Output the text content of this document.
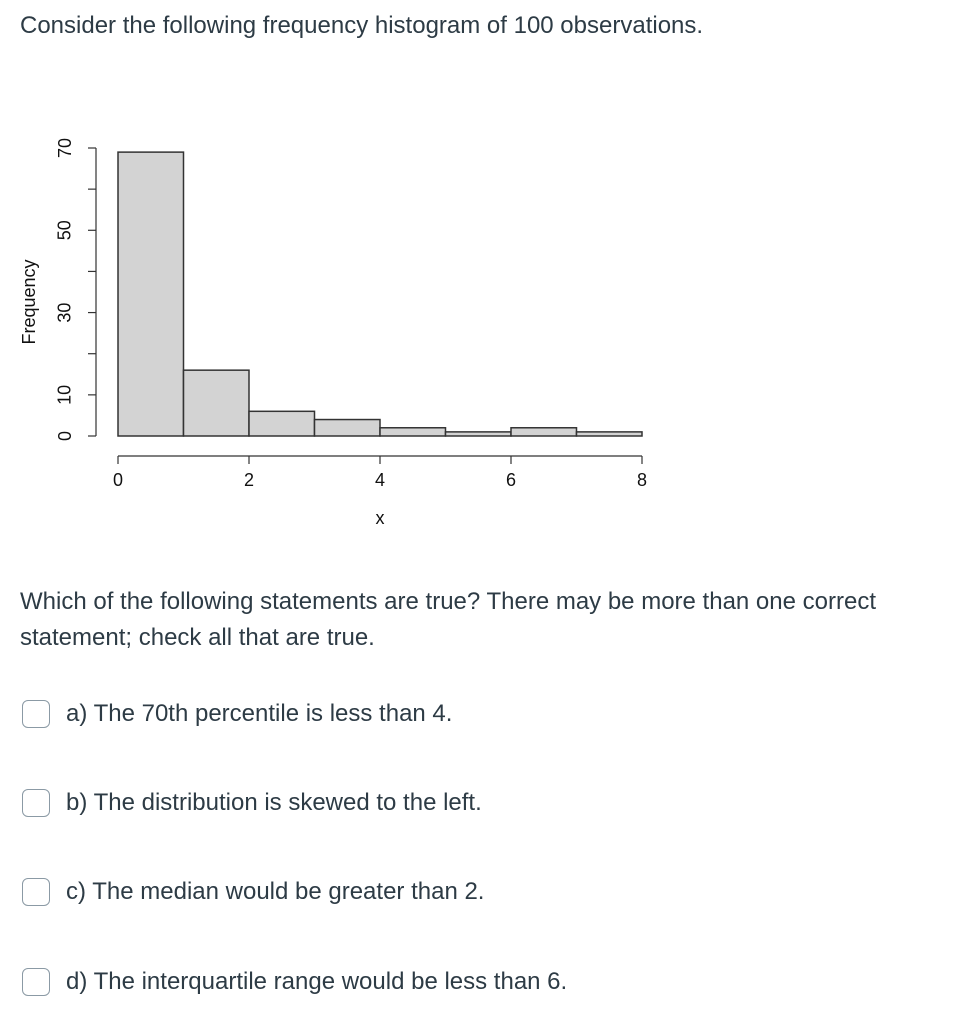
Consider the following frequency histogram of 100 observations.

0	2	4	6	8
x
0
10
30
50
70
Frequency

Which of the following statements are true? There may be more than one correct statement; check all that are true.

a) The 70th percentile is less than 4.
b) The distribution is skewed to the left.
c) The median would be greater than 2.
d) The interquartile range would be less than 6.
